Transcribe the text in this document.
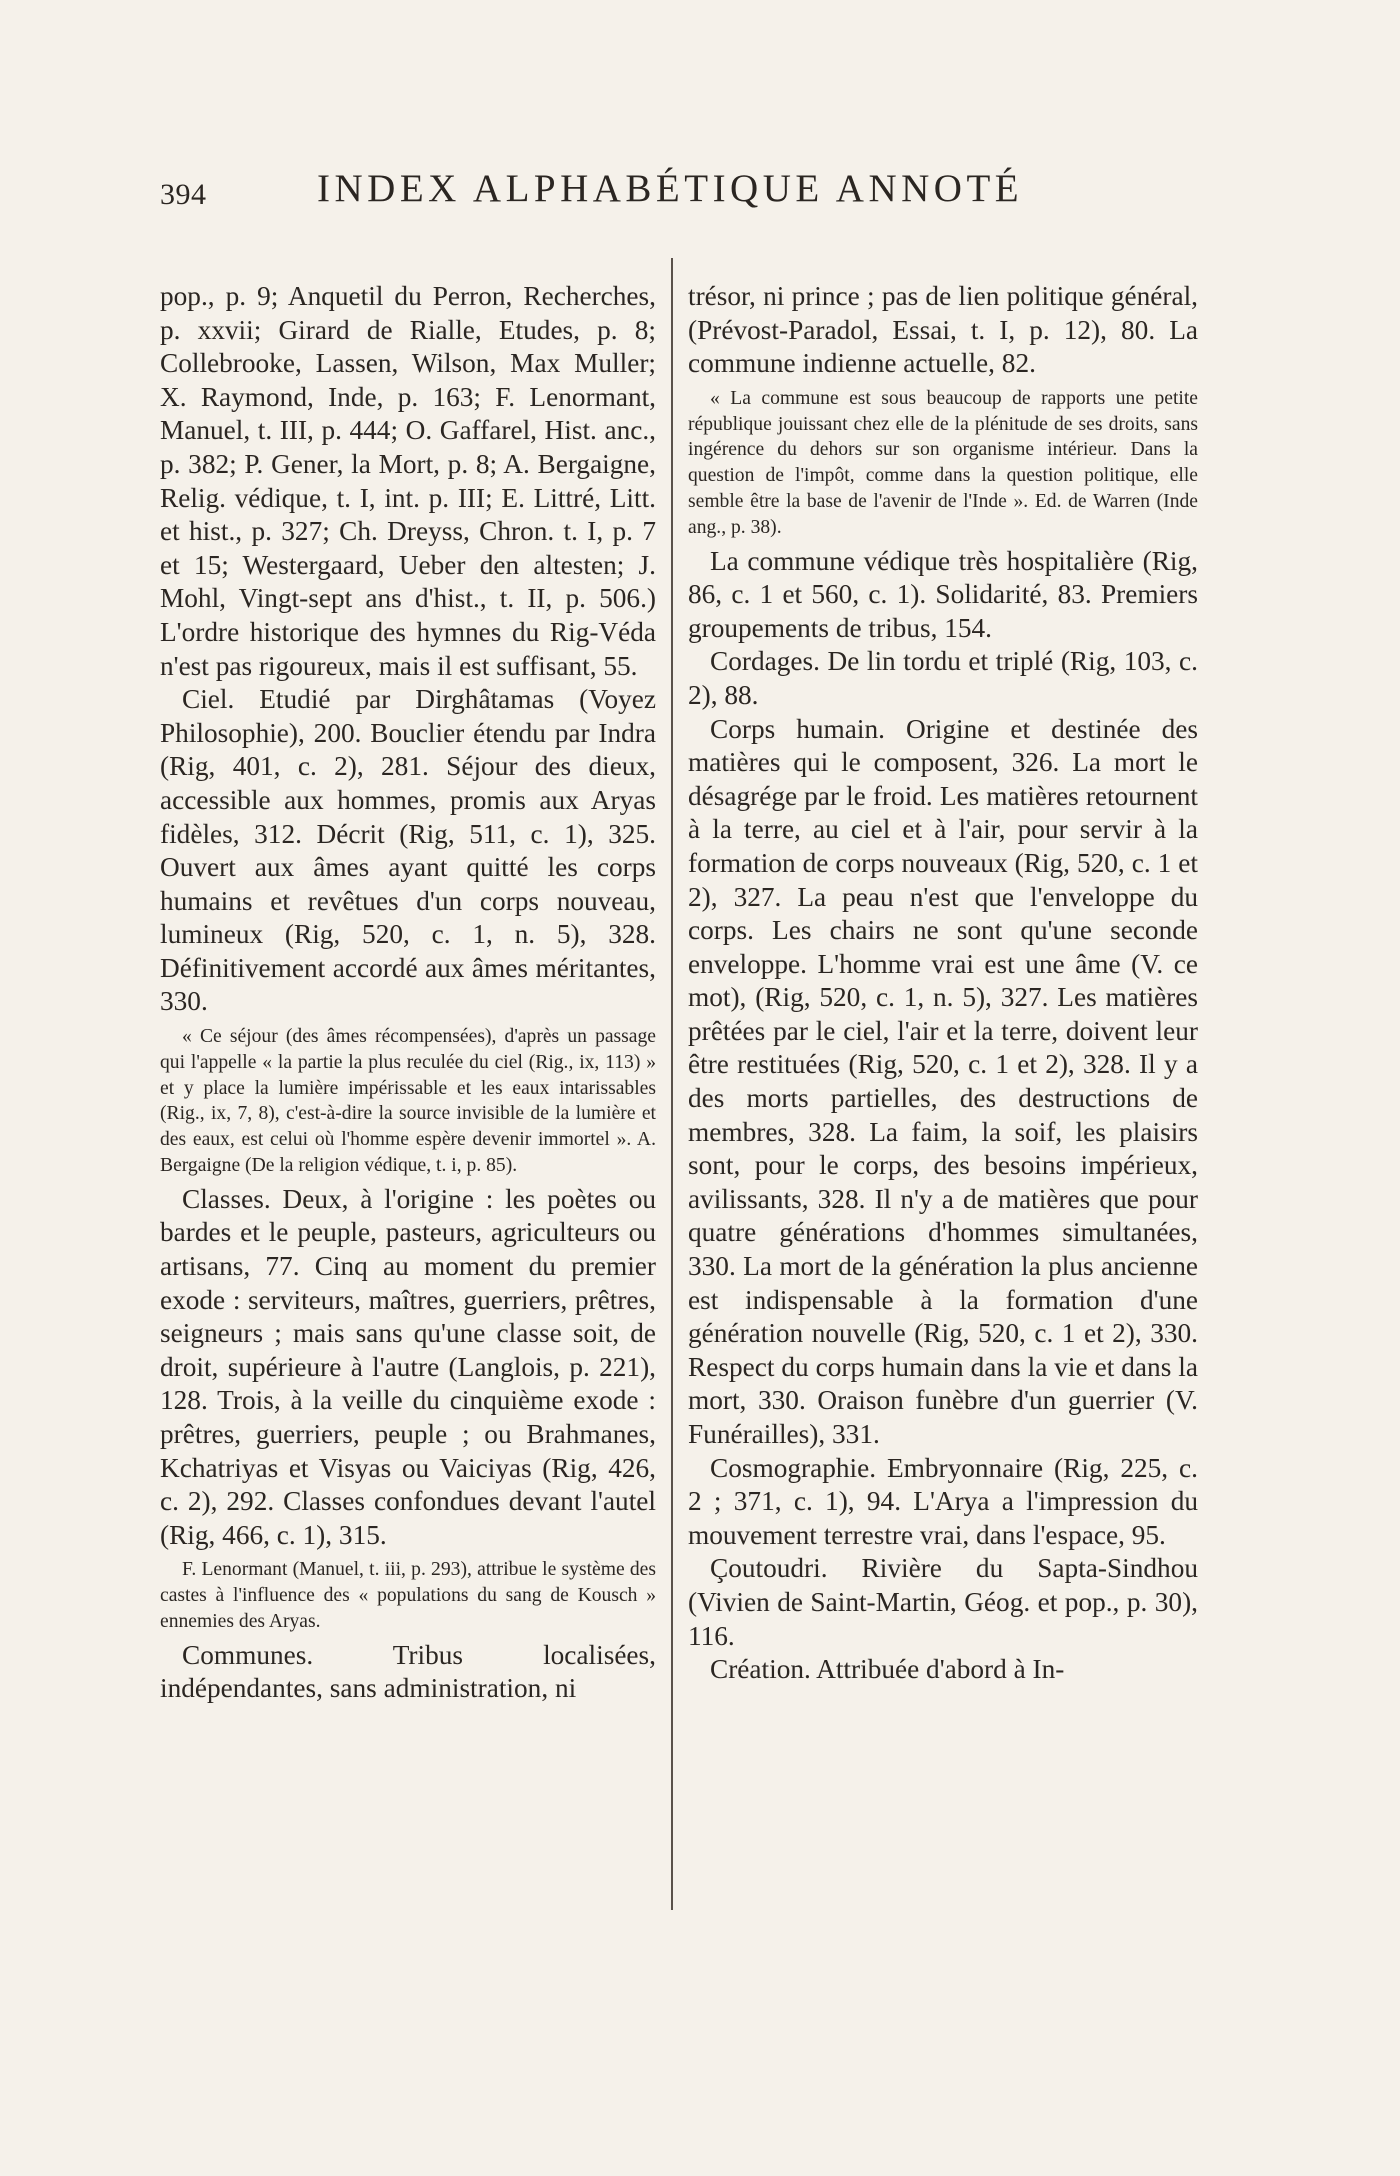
394	INDEX ALPHABÉTIQUE ANNOTÉ

pop., p. 9; Anquetil du Perron, Recherches, p. xxvii; Girard de Rialle, Etudes, p. 8; Collebrooke, Lassen, Wilson, Max Muller; X. Raymond, Inde, p. 163; F. Lenormant, Manuel, t. III, p. 444; O. Gaffarel, Hist. anc., p. 382; P. Gener, la Mort, p. 8; A. Bergaigne, Relig. védique, t. I, int. p. III; E. Littré, Litt. et hist., p. 327; Ch. Dreyss, Chron. t. I, p. 7 et 15; Westergaard, Ueber den altesten; J. Mohl, Vingt-sept ans d'hist., t. II, p. 506.) L'ordre historique des hymnes du Rig-Véda n'est pas rigoureux, mais il est suffisant, 55.

Ciel. Etudié par Dirghâtamas (Voyez Philosophie), 200. Bouclier étendu par Indra (Rig, 401, c. 2), 281. Séjour des dieux, accessible aux hommes, promis aux Aryas fidèles, 312. Décrit (Rig, 511, c. 1), 325. Ouvert aux âmes ayant quitté les corps humains et revêtues d'un corps nouveau, lumineux (Rig, 520, c. 1, n. 5), 328. Définitivement accordé aux âmes méritantes, 330.

« Ce séjour (des âmes récompensées), d'après un passage qui l'appelle « la partie la plus reculée du ciel (Rig., ix, 113) » et y place la lumière impérissable et les eaux intarissables (Rig., ix, 7, 8), c'est-à-dire la source invisible de la lumière et des eaux, est celui où l'homme espère devenir immortel ». A. Bergaigne (De la religion védique, t. i, p. 85).

Classes. Deux, à l'origine : les poètes ou bardes et le peuple, pasteurs, agriculteurs ou artisans, 77. Cinq au moment du premier exode : serviteurs, maîtres, guerriers, prêtres, seigneurs ; mais sans qu'une classe soit, de droit, supérieure à l'autre (Langlois, p. 221), 128. Trois, à la veille du cinquième exode : prêtres, guerriers, peuple ; ou Brahmanes, Kchatriyas et Visyas ou Vaiciyas (Rig, 426, c. 2), 292. Classes confondues devant l'autel (Rig, 466, c. 1), 315.

F. Lenormant (Manuel, t. iii, p. 293), attribue le système des castes à l'influence des « populations du sang de Kousch » ennemies des Aryas.

Communes. Tribus localisées, indépendantes, sans administration, ni

trésor, ni prince ; pas de lien politique général, (Prévost-Paradol, Essai, t. I, p. 12), 80. La commune indienne actuelle, 82.

« La commune est sous beaucoup de rapports une petite république jouissant chez elle de la plénitude de ses droits, sans ingérence du dehors sur son organisme intérieur. Dans la question de l'impôt, comme dans la question politique, elle semble être la base de l'avenir de l'Inde ». Ed. de Warren (Inde ang., p. 38).

La commune védique très hospitalière (Rig, 86, c. 1 et 560, c. 1). Solidarité, 83. Premiers groupements de tribus, 154.

Cordages. De lin tordu et triplé (Rig, 103, c. 2), 88.

Corps humain. Origine et destinée des matières qui le composent, 326. La mort le désagrége par le froid. Les matières retournent à la terre, au ciel et à l'air, pour servir à la formation de corps nouveaux (Rig, 520, c. 1 et 2), 327. La peau n'est que l'enveloppe du corps. Les chairs ne sont qu'une seconde enveloppe. L'homme vrai est une âme (V. ce mot), (Rig, 520, c. 1, n. 5), 327. Les matières prêtées par le ciel, l'air et la terre, doivent leur être restituées (Rig, 520, c. 1 et 2), 328. Il y a des morts partielles, des destructions de membres, 328. La faim, la soif, les plaisirs sont, pour le corps, des besoins impérieux, avilissants, 328. Il n'y a de matières que pour quatre générations d'hommes simultanées, 330. La mort de la génération la plus ancienne est indispensable à la formation d'une génération nouvelle (Rig, 520, c. 1 et 2), 330. Respect du corps humain dans la vie et dans la mort, 330. Oraison funèbre d'un guerrier (V. Funérailles), 331.

Cosmographie. Embryonnaire (Rig, 225, c. 2 ; 371, c. 1), 94. L'Arya a l'impression du mouvement terrestre vrai, dans l'espace, 95.

Çoutoudri. Rivière du Sapta-Sindhou (Vivien de Saint-Martin, Géog. et pop., p. 30), 116.

Création. Attribuée d'abord à In-
